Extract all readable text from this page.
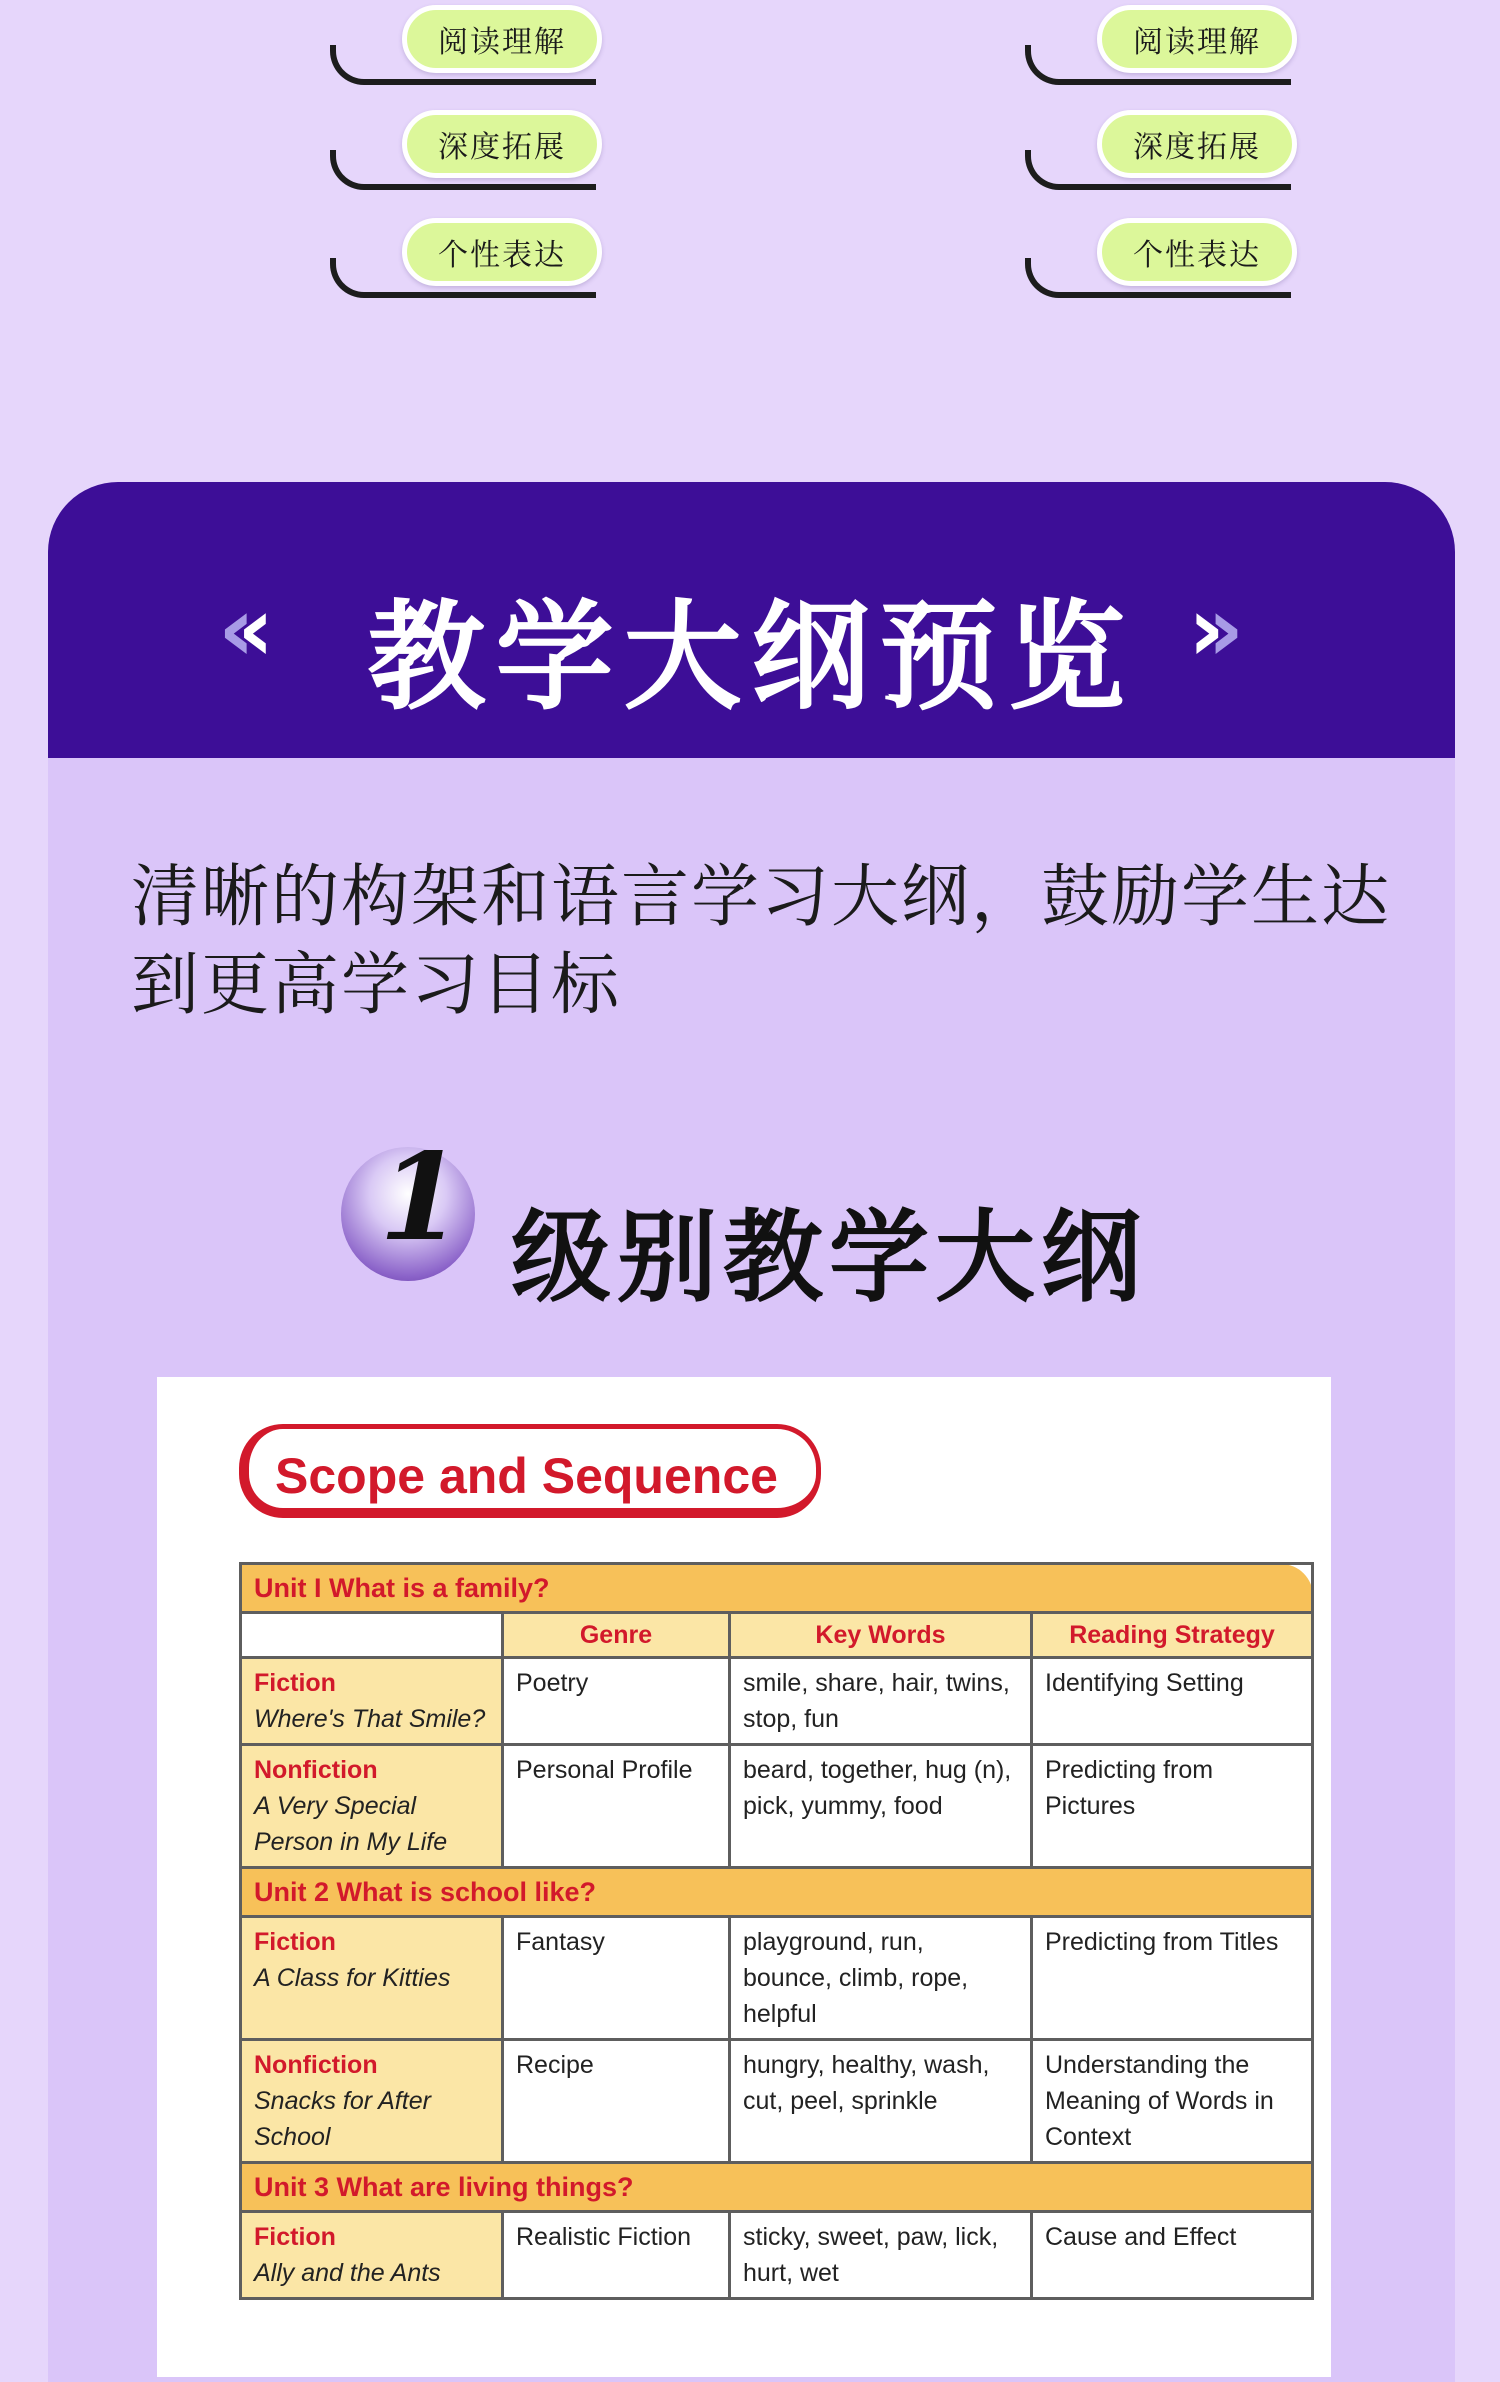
阅读理解
深度拓展
个性表达
阅读理解
深度拓展
个性表达
‹‹ 教学大纲预览 ››
清晰的构架和语言学习大纲，鼓励学生达到更高学习目标
1 级别教学大纲
Scope and Sequence
Unit I What is a family?			
	Genre	Key Words	Reading Strategy

Fiction
Where's That Smile?	Poetry	smile, share, hair, twins, stop, fun	Identifying Setting

Nonfiction
A Very Special Person in My Life	Personal Profile	beard, together, hug (n), pick, yummy, food	Predicting from Pictures
Unit 2 What is school like?			

Fiction
A Class for Kitties	Fantasy	playground, run, bounce, climb, rope, helpful	Predicting from Titles

Nonfiction
Snacks for After School	Recipe	hungry, healthy, wash, cut, peel, sprinkle	Understanding the Meaning of Words in Context
Unit 3 What are living things?			

Fiction
Ally and the Ants	Realistic Fiction	sticky, sweet, paw, lick, hurt, wet	Cause and Effect
